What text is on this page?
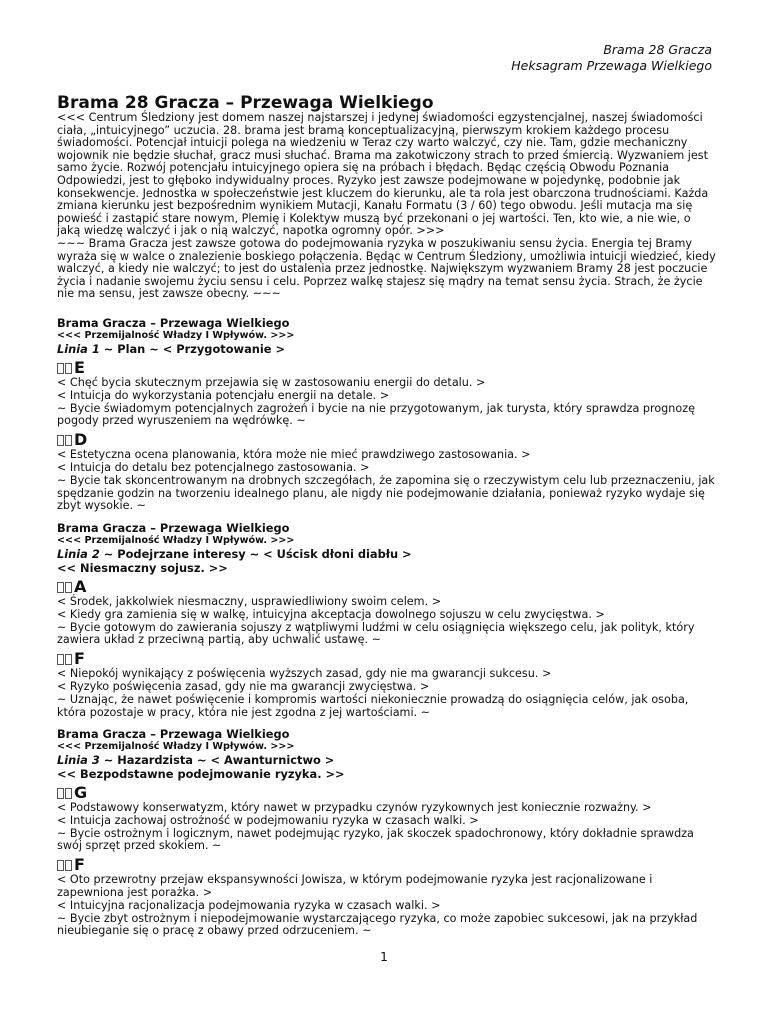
Brama 28 Gracza
Heksagram Przewaga Wielkiego
Brama 28 Gracza – Przewaga Wielkiego

<<< Centrum Śledziony jest domem naszej najstarszej i jedynej świadomości egzystencjalnej, naszej świadomości ciała, „intuicyjnego” uczucia. 28. brama jest bramą konceptualizacyjną, pierwszym krokiem każdego procesu świadomości. Potencjał intuicji polega na wiedzeniu w Teraz czy warto walczyć, czy nie. Tam, gdzie mechaniczny wojownik nie będzie słuchał, gracz musi słuchać. Brama ma zakotwiczony strach to przed śmiercią. Wyzwaniem jest samo życie. Rozwój potencjału intuicyjnego opiera się na próbach i błędach. Będąc częścią Obwodu Poznania Odpowiedzi, jest to głęboko indywidualny proces. Ryzyko jest zawsze podejmowane w pojedynkę, podobnie jak konsekwencje. Jednostka w społeczeństwie jest kluczem do kierunku, ale ta rola jest obarczona trudnościami. Każda zmiana kierunku jest bezpośrednim wynikiem Mutacji, Kanału Formatu (3 / 60) tego obwodu. Jeśli mutacja ma się powieść i zastąpić stare nowym, Plemię i Kolektyw muszą być przekonani o jej wartości. Ten, kto wie, a nie wie, o jaką wiedzę walczyć i jak o nią walczyć, napotka ogromny opór. >>>

~~~ Brama Gracza jest zawsze gotowa do podejmowania ryzyka w poszukiwaniu sensu życia. Energia tej Bramy wyraża się w walce o znalezienie boskiego połączenia. Będąc w Centrum Śledziony, umożliwia intuicji wiedzieć, kiedy walczyć, a kiedy nie walczyć; to jest do ustalenia przez jednostkę. Największym wyzwaniem Bramy 28 jest poczucie życia i nadanie swojemu życiu sensu i celu. Poprzez walkę stajesz się mądry na temat sensu życia. Strach, że życie nie ma sensu, jest zawsze obecny. ~~~

Brama Gracza – Przewaga Wielkiego
<<< Przemijalność Władzy I Wpływów. >>>
Linia 1 ~ Plan ~ < Przygotowanie >
E

< Chęć bycia skutecznym przejawia się w zastosowaniu energii do detalu. >

< Intuicja do wykorzystania potencjału energii na detale. >

~ Bycie świadomym potencjalnych zagrożeń i bycie na nie przygotowanym, jak turysta, który sprawdza prognozę pogody przed wyruszeniem na wędrówkę. ~

D

< Estetyczna ocena planowania, która może nie mieć prawdziwego zastosowania. >

< Intuicja do detalu bez potencjalnego zastosowania. >

~ Bycie tak skoncentrowanym na drobnych szczegółach, że zapomina się o rzeczywistym celu lub przeznaczeniu, jak spędzanie godzin na tworzeniu idealnego planu, ale nigdy nie podejmowanie działania, ponieważ ryzyko wydaje się zbyt wysokie. ~

Brama Gracza – Przewaga Wielkiego
<<< Przemijalność Władzy I Wpływów. >>>
Linia 2 ~ Podejrzane interesy ~ < Uścisk dłoni diabłu >
<< Niesmaczny sojusz. >>
A

< Środek, jakkolwiek niesmaczny, usprawiedliwiony swoim celem. >

< Kiedy gra zamienia się w walkę, intuicyjna akceptacja dowolnego sojuszu w celu zwycięstwa. >

~ Bycie gotowym do zawierania sojuszy z wątpliwymi ludźmi w celu osiągnięcia większego celu, jak polityk, który zawiera układ z przeciwną partią, aby uchwalić ustawę. ~

F

< Niepokój wynikający z poświęcenia wyższych zasad, gdy nie ma gwarancji sukcesu. >

< Ryzyko poświęcenia zasad, gdy nie ma gwarancji zwycięstwa. >

~ Uznając, że nawet poświęcenie i kompromis wartości niekoniecznie prowadzą do osiągnięcia celów, jak osoba, która pozostaje w pracy, która nie jest zgodna z jej wartościami. ~

Brama Gracza – Przewaga Wielkiego
<<< Przemijalność Władzy I Wpływów. >>>
Linia 3 ~ Hazardzista ~ < Awanturnictwo >
<< Bezpodstawne podejmowanie ryzyka. >>
G

< Podstawowy konserwatyzm, który nawet w przypadku czynów ryzykownych jest koniecznie rozważny. >

< Intuicja zachowaj ostrożność w podejmowaniu ryzyka w czasach walki. >

~ Bycie ostrożnym i logicznym, nawet podejmując ryzyko, jak skoczek spadochronowy, który dokładnie sprawdza swój sprzęt przed skokiem. ~

F

< Oto przewrotny przejaw ekspansywności Jowisza, w którym podejmowanie ryzyka jest racjonalizowane i zapewniona jest porażka. >

< Intuicyjna racjonalizacja podejmowania ryzyka w czasach walki. >

~ Bycie zbyt ostrożnym i niepodejmowanie wystarczającego ryzyka, co może zapobiec sukcesowi, jak na przykład nieubieganie się o pracę z obawy przed odrzuceniem. ~

1
